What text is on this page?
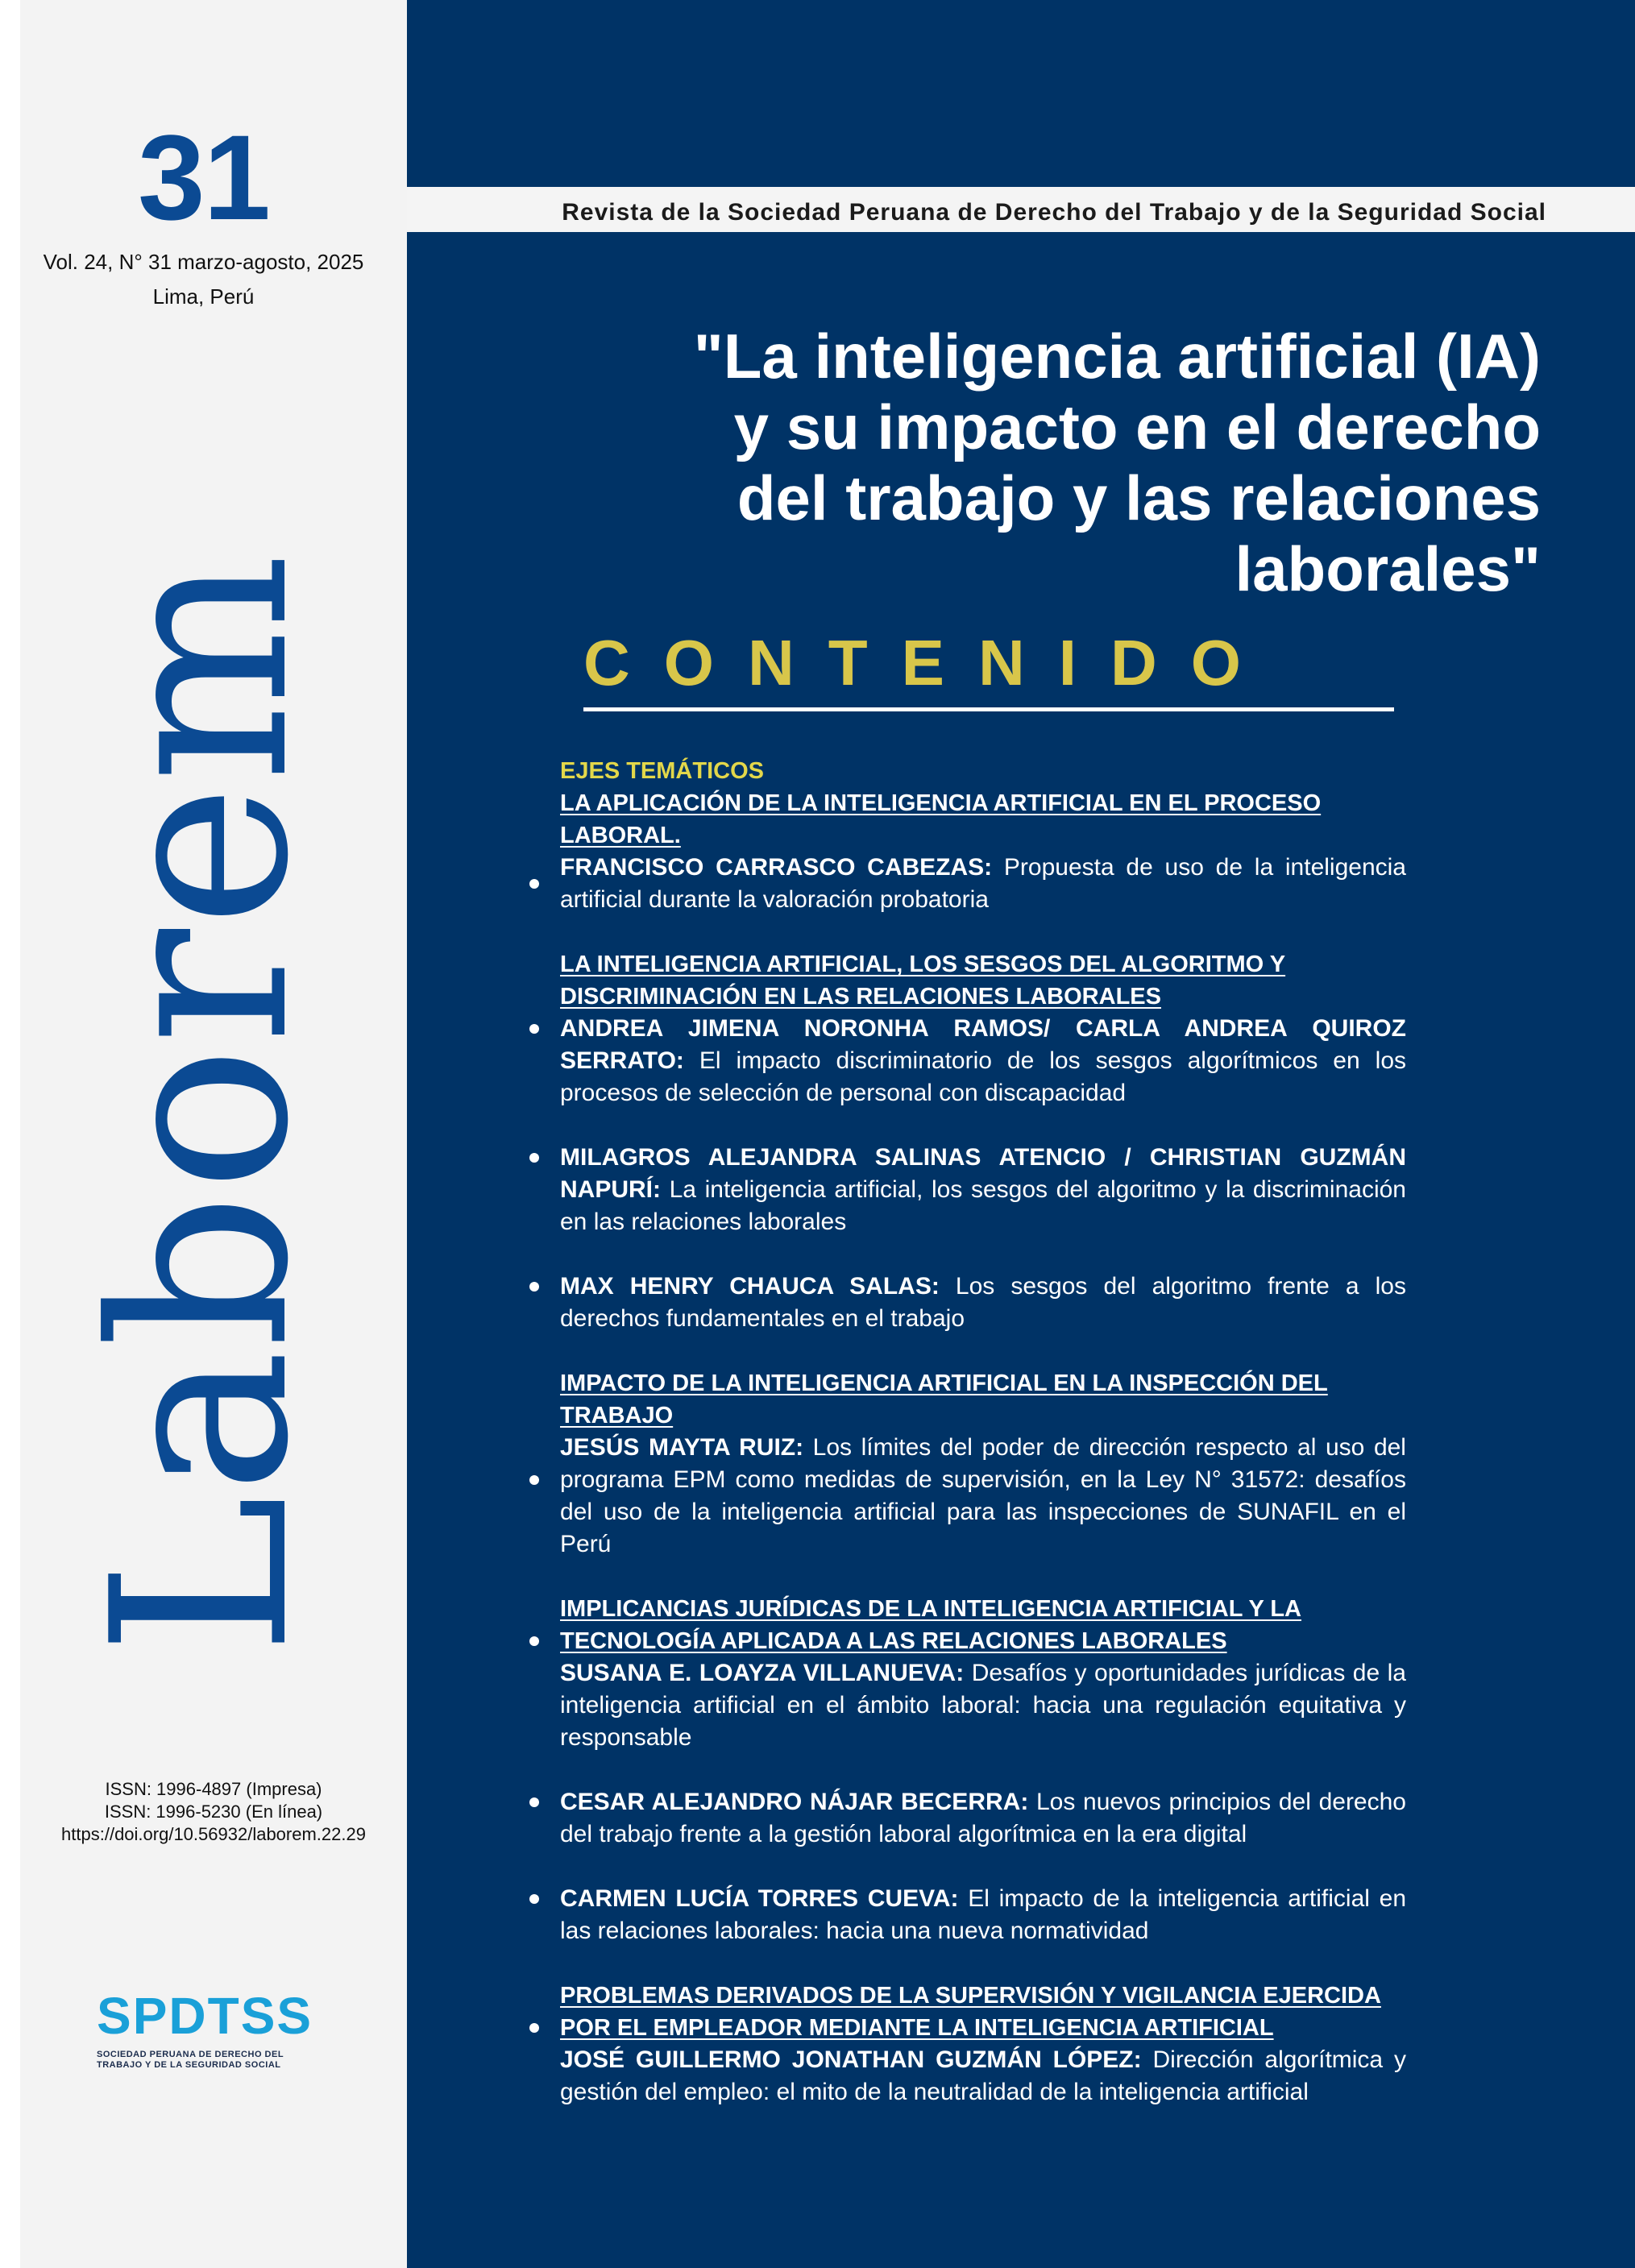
31
Vol. 24, N° 31 marzo-agosto, 2025
Lima, Perú
Laborem
ISSN: 1996-4897 (Impresa)
ISSN: 1996-5230 (En línea)
https://doi.org/10.56932/laborem.22.29
SPDTSS
SOCIEDAD PERUANA DE DERECHO DEL TRABAJO Y DE LA SEGURIDAD SOCIAL
Revista de la Sociedad Peruana de Derecho del Trabajo y de la Seguridad Social
"La inteligencia artificial (IA)
y su impacto en el derecho
del trabajo y las relaciones laborales"
CONTENIDO
EJES TEMÁTICOS
LA APLICACIÓN DE LA INTELIGENCIA ARTIFICIAL EN EL PROCESO LABORAL.
FRANCISCO CARRASCO CABEZAS: Propuesta de uso de la inteligencia artificial durante la valoración probatoria
LA INTELIGENCIA ARTIFICIAL, LOS SESGOS DEL ALGORITMO Y DISCRIMINACIÓN EN LAS RELACIONES LABORALES
ANDREA JIMENA NORONHA RAMOS/ CARLA ANDREA QUIROZ SERRATO: El impacto discriminatorio de los sesgos algorítmicos en los procesos de selección de personal con discapacidad
MILAGROS ALEJANDRA SALINAS ATENCIO / CHRISTIAN GUZMÁN NAPURÍ: La inteligencia artificial, los sesgos del algoritmo y la discriminación en las relaciones laborales
MAX HENRY CHAUCA SALAS: Los sesgos del algoritmo frente a los derechos fundamentales en el trabajo
IMPACTO DE LA INTELIGENCIA ARTIFICIAL EN LA INSPECCIÓN DEL TRABAJO
JESÚS MAYTA RUIZ: Los límites del poder de dirección respecto al uso del programa EPM como medidas de supervisión, en la Ley N° 31572: desafíos del uso de la inteligencia artificial para las inspecciones de SUNAFIL en el Perú
IMPLICANCIAS JURÍDICAS DE LA INTELIGENCIA ARTIFICIAL Y LA TECNOLOGÍA APLICADA A LAS RELACIONES LABORALES
SUSANA E. LOAYZA VILLANUEVA: Desafíos y oportunidades jurídicas de la inteligencia artificial en el ámbito laboral: hacia una regulación equitativa y responsable
CESAR ALEJANDRO NÁJAR BECERRA: Los nuevos principios del derecho del trabajo frente a la gestión laboral algorítmica en la era digital
CARMEN LUCÍA TORRES CUEVA: El impacto de la inteligencia artificial en las relaciones laborales: hacia una nueva normatividad
PROBLEMAS DERIVADOS DE LA SUPERVISIÓN Y VIGILANCIA EJERCIDA POR EL EMPLEADOR MEDIANTE LA INTELIGENCIA ARTIFICIAL
JOSÉ GUILLERMO JONATHAN GUZMÁN LÓPEZ: Dirección algorítmica y gestión del empleo: el mito de la neutralidad de la inteligencia artificial
